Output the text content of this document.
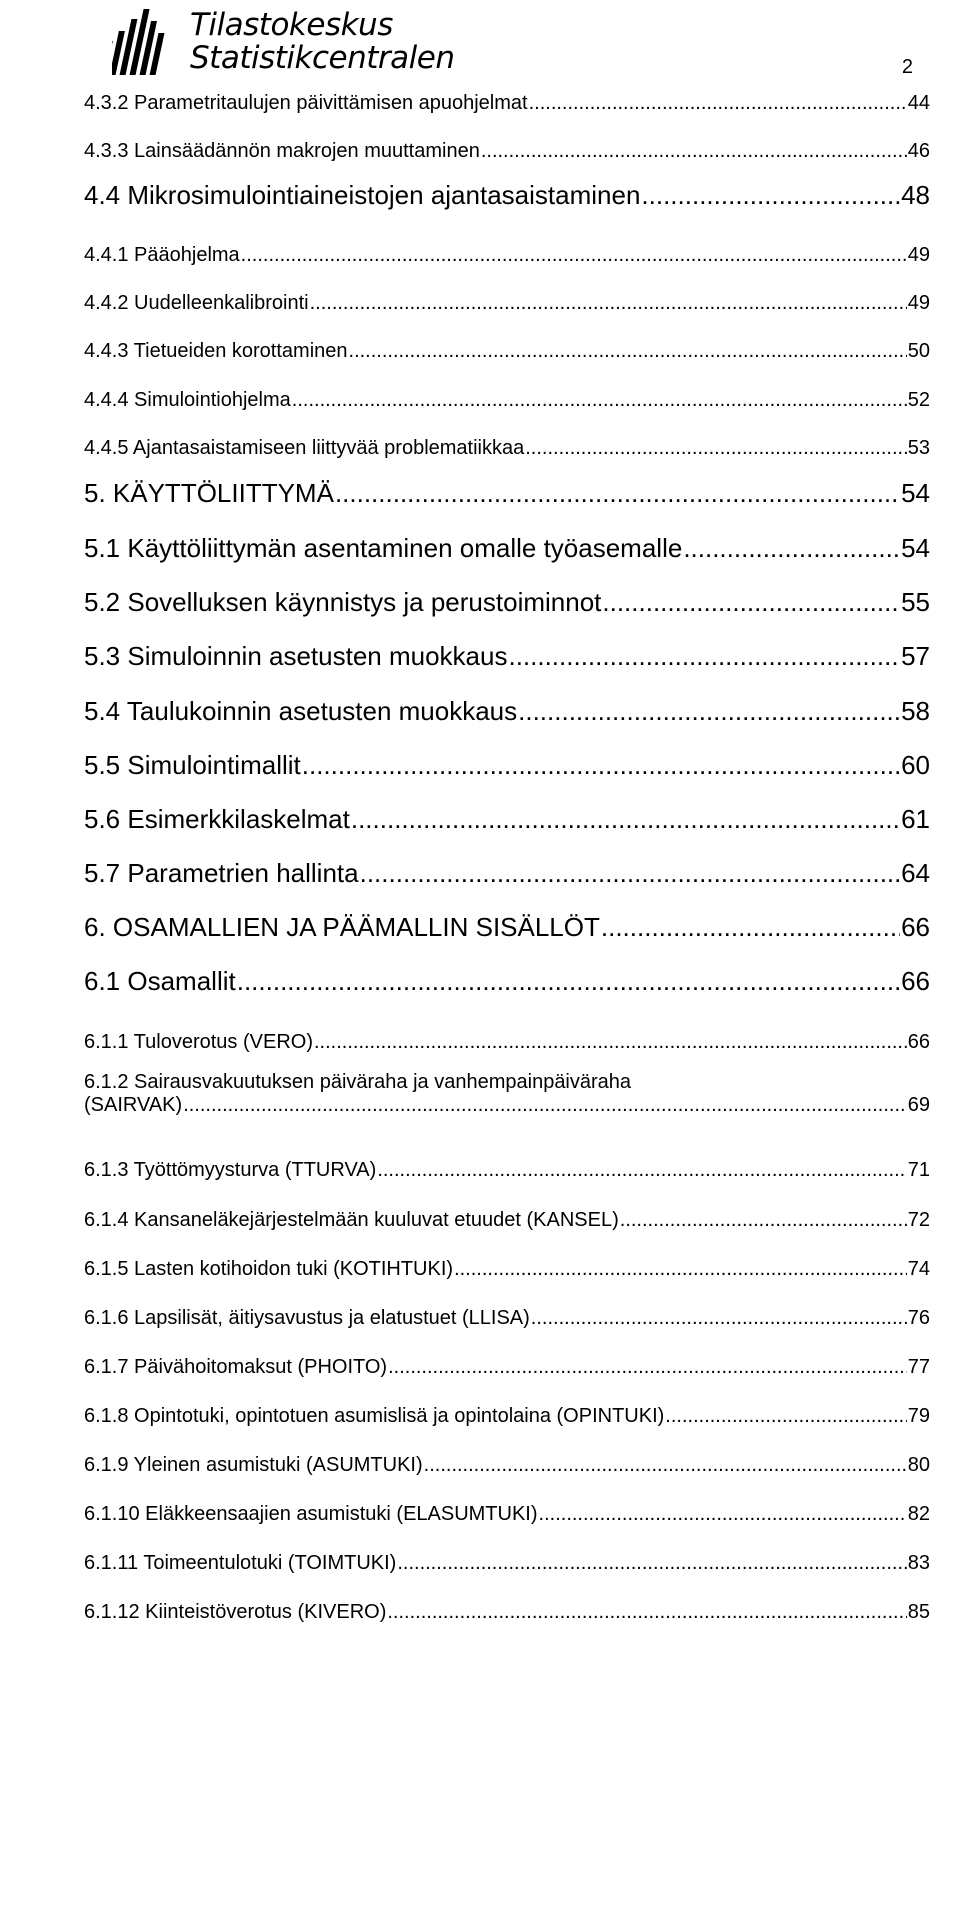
Tilastokeskus
Statistikcentralen	2
4.3.2 Parametritaulujen päivittämisen apuohjelmat .....	44
4.3.3 Lainsäädännön makrojen muuttaminen .....	46
4.4 Mikrosimulointiaineistojen ajantasaistaminen .....	48
4.4.1 Pääohjelma .....	49
4.4.2 Uudelleenkalibrointi .....	49
4.4.3 Tietueiden korottaminen .....	50
4.4.4 Simulointiohjelma .....	52
4.4.5 Ajantasaistamiseen liittyvää problematiikkaa .....	53
5. KÄYTTÖLIITTYMÄ .....	54
5.1 Käyttöliittymän asentaminen omalle työasemalle .....	54
5.2 Sovelluksen käynnistys ja perustoiminnot .....	55
5.3 Simuloinnin asetusten muokkaus .....	57
5.4 Taulukoinnin asetusten muokkaus .....	58
5.5 Simulointimallit .....	60
5.6 Esimerkkilaskelmat .....	61
5.7 Parametrien hallinta .....	64
6. OSAMALLIEN JA PÄÄMALLIN SISÄLLÖT .....	66
6.1 Osamallit .....	66
6.1.1 Tuloverotus (VERO) .....	66
6.1.2 Sairausvakuutuksen päiväraha ja vanhempainpäiväraha
(SAIRVAK) .....	69
6.1.3 Työttömyysturva (TTURVA) .....	71
6.1.4 Kansaneläkejärjestelmään kuuluvat etuudet (KANSEL) .....	72
6.1.5 Lasten kotihoidon tuki (KOTIHTUKI) .....	74
6.1.6 Lapsilisät, äitiysavustus ja elatustuet (LLISA) .....	76
6.1.7 Päivähoitomaksut (PHOITO) .....	77
6.1.8 Opintotuki, opintotuen asumislisä ja opintolaina (OPINTUKI) .....	79
6.1.9 Yleinen asumistuki (ASUMTUKI) .....	80
6.1.10 Eläkkeensaajien asumistuki (ELASUMTUKI) .....	82
6.1.11 Toimeentulotuki (TOIMTUKI) .....	83
6.1.12 Kiinteistöverotus (KIVERO) .....	85
